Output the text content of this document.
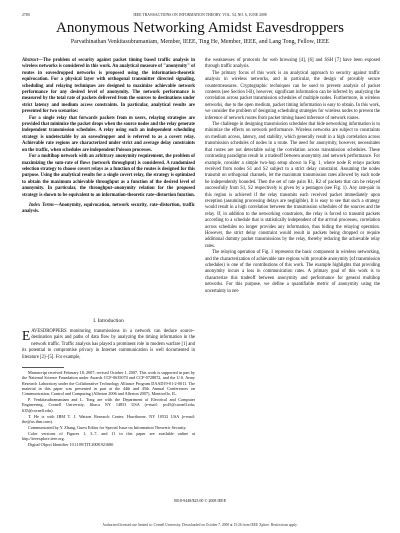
2780	IEEE TRANSACTIONS ON INFORMATION THEORY, VOL. 54, NO. 6, JUNE 2008
Anonymous Networking Amidst Eavesdroppers
Parvathinathan Venkitasubramaniam, Member, IEEE, Ting He, Member, IEEE, and Lang Tong, Fellow, IEEE

Abstract—The problem of security against packet timing based traffic analysis in wireless networks is considered in this work. An analytical measure of "anonymity" of routes in eavesdropped networks is proposed using the information-theoretic equivocation. For a physical layer with orthogonal transmitter directed signaling, scheduling and relaying techniques are designed to maximize achievable network performance for any desired level of anonymity. The network performance is measured by the total rate of packets delivered from the sources to destinations under strict latency and medium access constraints. In particular, analytical results are presented for two scenarios:

For a single relay that forwards packets from m users, relaying strategies are provided that minimize the packet drops when the source nodes and the relay generate independent transmission schedules. A relay using such an independent scheduling strategy is undetectable by an eavesdropper and is referred to as a covert relay. Achievable rate regions are characterized under strict and average delay constraints on the traffic, when schedules are independent Poisson processes.

For a multihop network with an arbitrary anonymity requirement, the problem of maximizing the sum-rate of flows (network throughput) is considered. A randomized selection strategy to choose covert relays as a function of the routes is designed for this purpose. Using the analytical results for a single covert relay, the strategy is optimized to obtain the maximum achievable throughput as a function of the desired level of anonymity. In particular, the throughput–anonymity relation for the proposed strategy is shown to be equivalent to an information-theoretic rate–distortion function.

Index Terms—Anonymity, equivocation, network security, rate–distortion, traffic analysis.

I. Introduction
EAVESDROPPERS monitoring transmissions in a network can deduce source–destination pairs and paths of data flow by analyzing the timing information in the network traffic. Traffic analysis has played a prominent role in modern warfare [1] and its potential to compromise privacy in Internet communication is well documented in literature [2]–[5]. For example,

Manuscript received February 18, 2007; revised October 1, 2007. This work is supported in part by the National Science Foundation under Awards CCF-0635070 and CCF-0728872, and the U.S. Army Research Laboratory under the Collaborative Technology Alliance Program DAAD19-01-2-0011. The material in this paper was presented in part at the 44th and 45th Annual Conferences on Communication, Control and Computing (Allerton 2006 and Allerton 2007), Monticello, IL.

P. Venkitasubramaniam and L. Tong are with the Department of Electrical and Computer Engineering, Cornell University, Ithaca NY 14853 USA (e-mail: pv45@cornell.edu; lt35@cornell.edu).

T. He is with IBM T. J. Watson Research Center, Hawthorne, NY 10532 USA (e-mail: the@us.ibm.com).

Communicated by Y. Zhang, Guest Editor for Special Issue on Information Theoretic Security.

Color versions of Figures 1, 3–7, and 11 in this paper are available online at http://ieeexplore.ieee.org.

Digital Object Identifier 10.1109/TIT.2008.921680

the weaknesses of protocols for web browsing [4], [6] and SSH [7] have been exposed through traffic analysis.

The primary focus of this work is an analytical approach to security against traffic analysis in wireless networks, and in particular, the design of provably secure countermeasures. Cryptographic techniques can be used to prevent analysis of packet contents (see Section I-B), however, significant information can be inferred by analyzing the correlation across packet transmission schedules of multiple nodes. Furthermore, in wireless networks, due to the open medium, packet timing information is easy to obtain. In this work, we consider the problem of designing scheduling strategies for wireless nodes to prevent the inference of network routes from packet timing based inference of network routes.

The challenge in designing transmission schedules that hide networking information is to minimize the effects on network performance. Wireless networks are subject to constraints on medium access, latency, and stability, which generally result in a high correlation across transmission schedules of nodes in a route. The need for anonymity, however, necessitates that routes are not detectable using the correlation across transmission schedules. These contrasting paradigms result in a tradeoff between anonymity and network performance. For example, consider a simple two-hop setup shown in Fig. 1, where node R relays packets received from nodes S1 and S2 subject to a strict delay constraint. Assuming the nodes transmit on orthogonal channels, let the maximum transmission rates allowed by each node be independently bounded. Then the set of rate pairs R1, R2 of packets that can be relayed successfully from S1, S2 respectively is given by a pentagon (see Fig. 1). Any rate-pair in this region is achieved if the relay transmits each received packet immediately upon reception (assuming processing delays are negligible). It is easy to see that such a strategy would result in a high correlation between the transmission schedules of the sources and the relay. If, in addition to the networking constraints, the relay is forced to transmit packets according to a schedule that is statistically independent of the arrival processes, correlation across schedules no longer provides any information, thus hiding the relaying operation. However, the strict delay constraint would result in packets being dropped or require additional dummy packet transmissions by the relay, thereby reducing the achievable relay rates.

The relaying operation of Fig. 1 represents the basic component in wireless networking, and the characterization of achievable rate regions with provable anonymity (of transmission schedules) is one of the contributions of this work. The example highlights that providing anonymity incurs a loss in communication rates. A primary goal of this work is to characterize this tradeoff between anonymity and performance for general multihop networks. For this purpose, we define a quantifiable metric of anonymity using the uncertainty in net-

0018-9448/$25.00 © 2008 IEEE
Authorized licensed use limited to: Cornell University. Downloaded on October 7, 2008 at 15:26 from IEEE Xplore. Restrictions apply.
